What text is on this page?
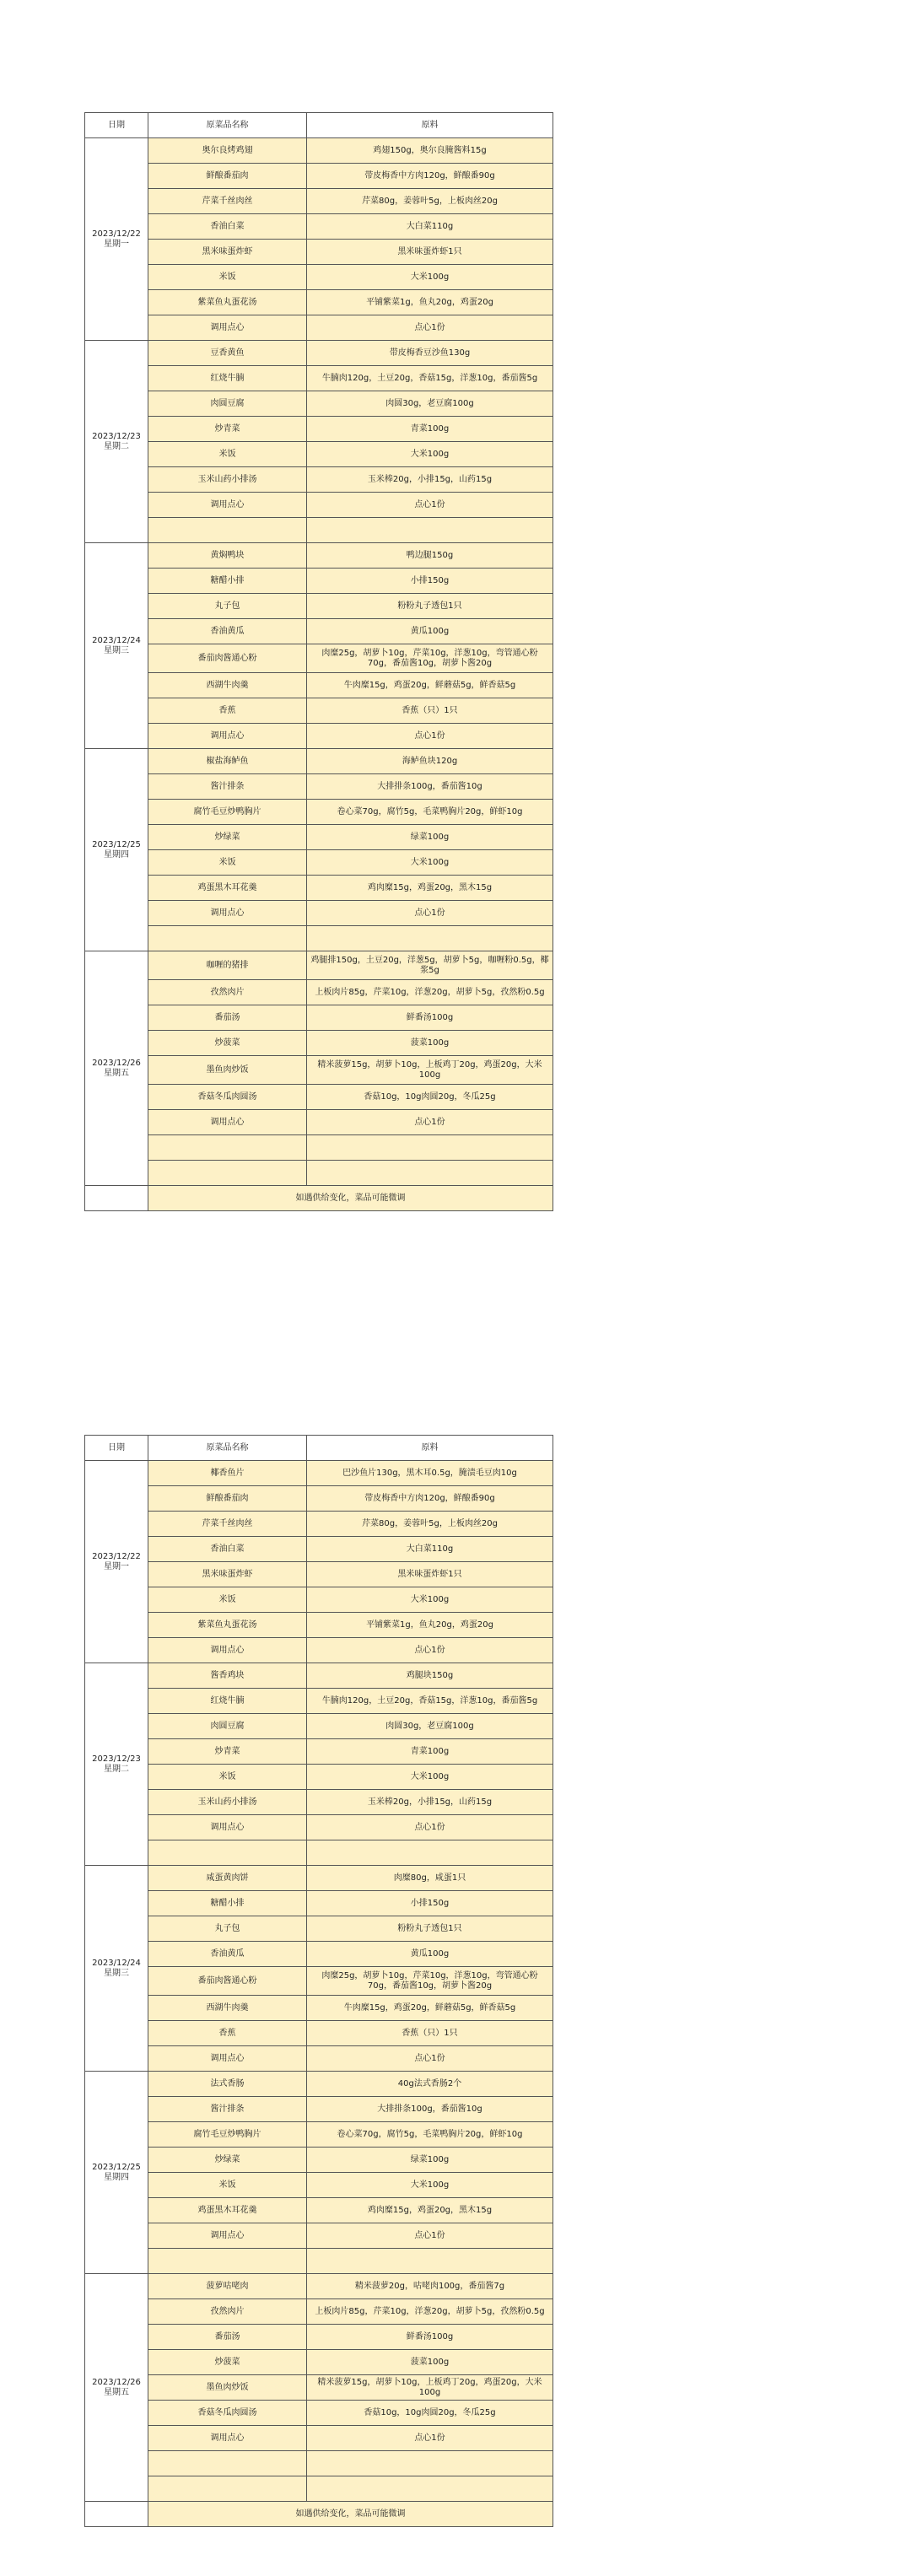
日期	原菜品名称	原料

2023/12/22
星期一	奥尔良烤鸡翅	鸡翅150g，奥尔良腌酱料15g
	鲜酿番茄肉	带皮梅香中方肉120g，鲜酿番90g
	芹菜千丝肉丝	芹菜80g，姜蓉叶5g，上板肉丝20g
	香油白菜	大白菜110g
	黑米味蛋炸虾	黑米味蛋炸虾1只
	米饭	大米100g
	紫菜鱼丸蛋花汤	平铺紫菜1g，鱼丸20g，鸡蛋20g
	调用点心	点心1份

2023/12/23
星期二	豆香黄鱼	带皮梅香豆沙鱼130g
	红烧牛腩	牛腩肉120g，土豆20g，香菇15g，洋葱10g，番茄酱5g
	肉圆豆腐	肉圆30g，老豆腐100g
	炒青菜	青菜100g
	米饭	大米100g
	玉米山药小排汤	玉米棒20g，小排15g，山药15g
	调用点心	点心1份

2023/12/24
星期三	黄焖鸭块	鸭边腿150g
	糖醋小排	小排150g
	丸子包	粉粉丸子透包1只
	香油黄瓜	黄瓜100g
	番茄肉酱通心粉	肉糜25g，胡萝卜10g，芹菜10g，洋葱10g，弯管通心粉70g，番茄酱10g，胡萝卜酱20g
	西湖牛肉羹	牛肉糜15g，鸡蛋20g，鲜蘑菇5g，鲜香菇5g
	香蕉	香蕉（只）1只
	调用点心	点心1份

2023/12/25
星期四	椒盐海鲈鱼	海鲈鱼块120g
	酱汁排条	大排排条100g，番茄酱10g
	腐竹毛豆炒鸭胸片	卷心菜70g，腐竹5g，毛菜鸭胸片20g，鲜虾10g
	炒绿菜	绿菜100g
	米饭	大米100g
	鸡蛋黑木耳花羹	鸡肉糜15g，鸡蛋20g，黑木15g
	调用点心	点心1份

2023/12/26
星期五	咖喱的猪排	鸡腿排150g，土豆20g，洋葱5g，胡萝卜5g，咖喱粉0.5g，椰浆5g
	孜然肉片	上板肉片85g，芹菜10g，洋葱20g，胡萝卜5g，孜然粉0.5g
	番茄汤	鲜番汤100g
	炒菠菜	菠菜100g
	墨鱼肉炒饭	精米菠萝15g，胡萝卜10g，上板鸡丁20g，鸡蛋20g，大米100g
	香菇冬瓜肉圆汤	香菇10g，10g肉圆20g，冬瓜25g
	调用点心	点心1份

	如遇供给变化，菜品可能微调	
日期	原菜品名称	原料

2023/12/22
星期一	椰香鱼片	巴沙鱼片130g，黑木耳0.5g，腌渍毛豆肉10g
	鲜酿番茄肉	带皮梅香中方肉120g，鲜酿番90g
	芹菜千丝肉丝	芹菜80g，姜蓉叶5g，上板肉丝20g
	香油白菜	大白菜110g
	黑米味蛋炸虾	黑米味蛋炸虾1只
	米饭	大米100g
	紫菜鱼丸蛋花汤	平铺紫菜1g，鱼丸20g，鸡蛋20g
	调用点心	点心1份

2023/12/23
星期二	酱香鸡块	鸡腿块150g
	红烧牛腩	牛腩肉120g，土豆20g，香菇15g，洋葱10g，番茄酱5g
	肉圆豆腐	肉圆30g，老豆腐100g
	炒青菜	青菜100g
	米饭	大米100g
	玉米山药小排汤	玉米棒20g，小排15g，山药15g
	调用点心	点心1份

2023/12/24
星期三	咸蛋黄肉饼	肉糜80g，咸蛋1只
	糖醋小排	小排150g
	丸子包	粉粉丸子透包1只
	香油黄瓜	黄瓜100g
	番茄肉酱通心粉	肉糜25g，胡萝卜10g，芹菜10g，洋葱10g，弯管通心粉70g，番茄酱10g，胡萝卜酱20g
	西湖牛肉羹	牛肉糜15g，鸡蛋20g，鲜蘑菇5g，鲜香菇5g
	香蕉	香蕉（只）1只
	调用点心	点心1份

2023/12/25
星期四	法式香肠	40g法式香肠2个
	酱汁排条	大排排条100g，番茄酱10g
	腐竹毛豆炒鸭胸片	卷心菜70g，腐竹5g，毛菜鸭胸片20g，鲜虾10g
	炒绿菜	绿菜100g
	米饭	大米100g
	鸡蛋黑木耳花羹	鸡肉糜15g，鸡蛋20g，黑木15g
	调用点心	点心1份

2023/12/26
星期五	菠萝咕咾肉	精米菠萝20g，咕咾肉100g，番茄酱7g
	孜然肉片	上板肉片85g，芹菜10g，洋葱20g，胡萝卜5g，孜然粉0.5g
	番茄汤	鲜番汤100g
	炒菠菜	菠菜100g
	墨鱼肉炒饭	精米菠萝15g，胡萝卜10g，上板鸡丁20g，鸡蛋20g，大米100g
	香菇冬瓜肉圆汤	香菇10g，10g肉圆20g，冬瓜25g
	调用点心	点心1份

	如遇供给变化，菜品可能微调	
